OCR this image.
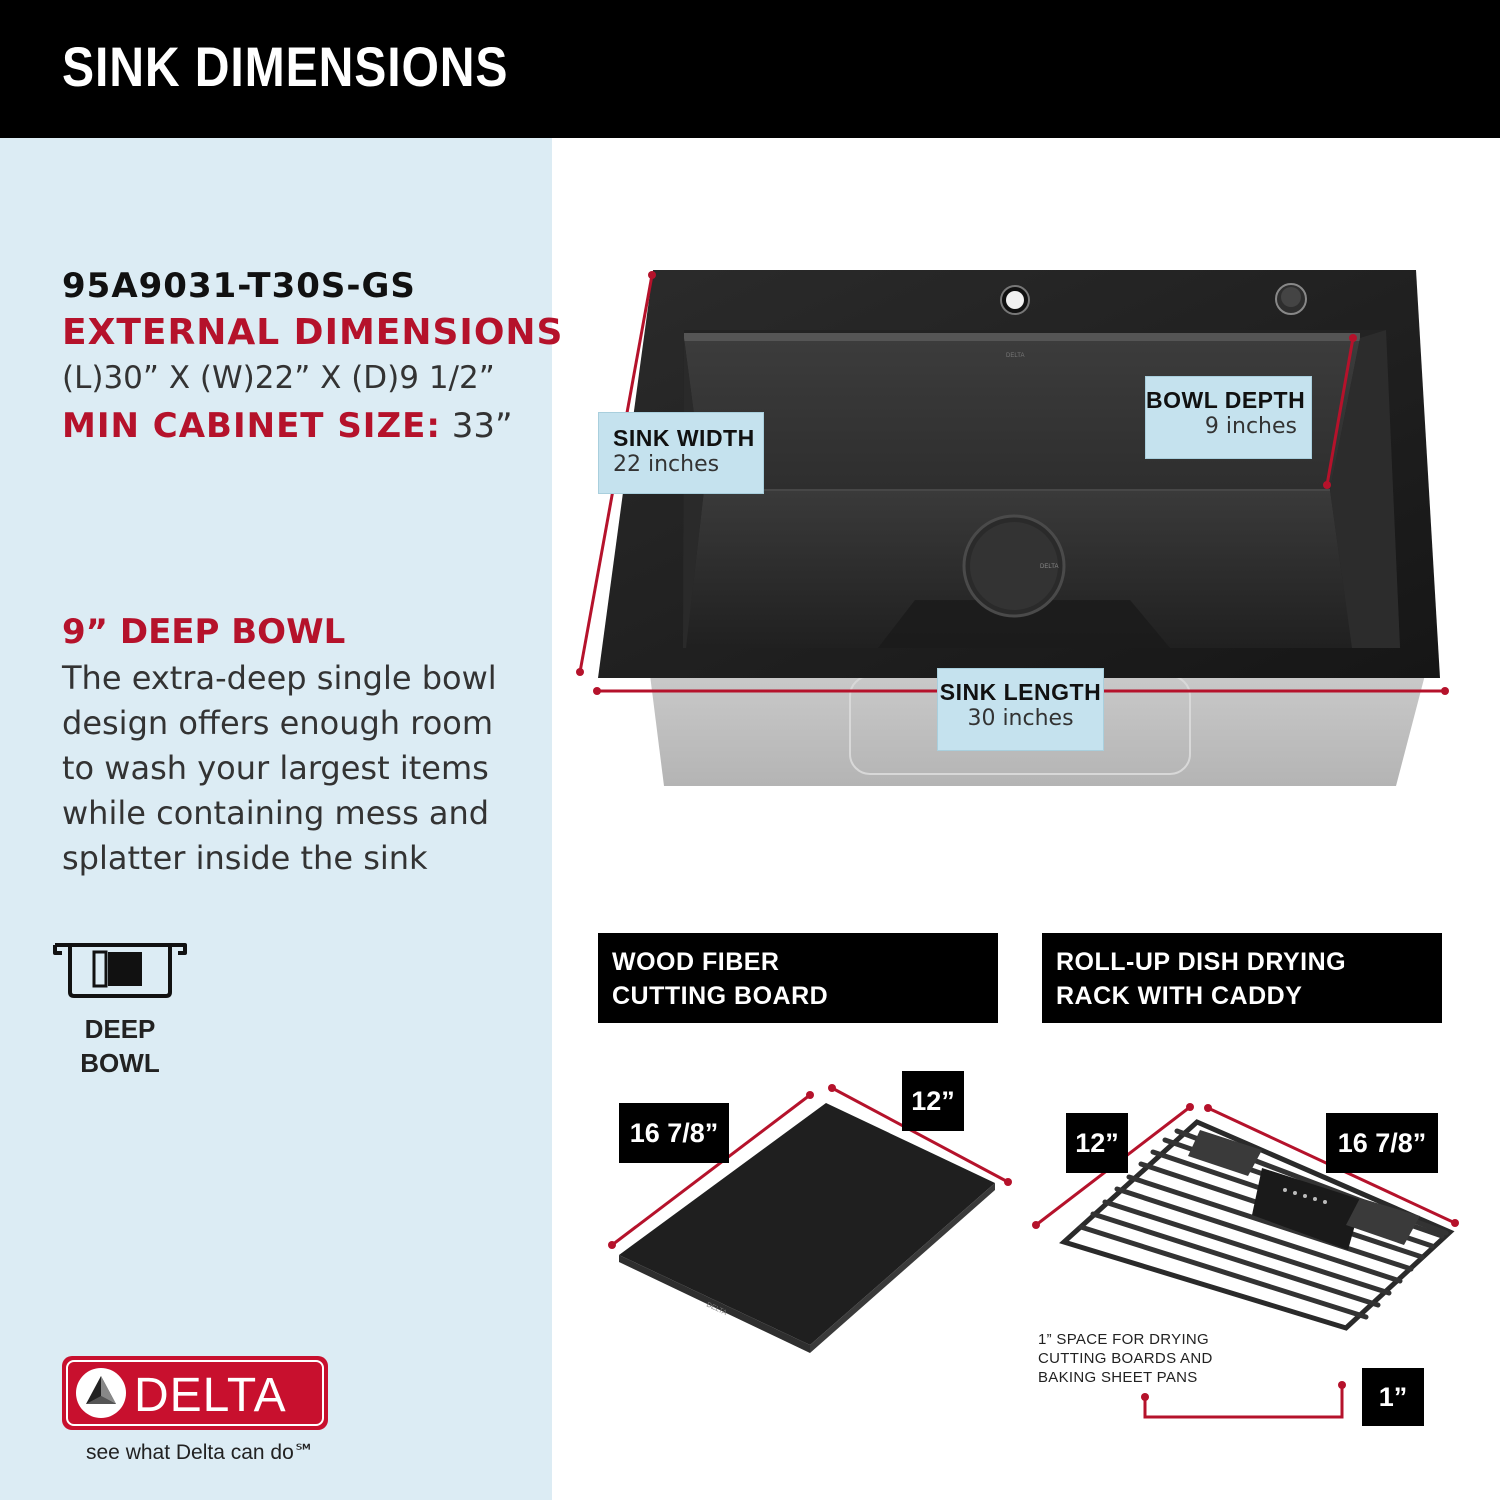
SINK DIMENSIONS
95A9031-T30S-GS
EXTERNAL DIMENSIONS
(L)30” X (W)22” X (D)9 1/2”
MIN CABINET SIZE: 33”
9” DEEP BOWL
The extra-deep single bowl design offers enough room to wash your largest items while containing mess and splatter inside the sink
DEEP
BOWL
DELTA
see what Delta can do℠
DELTA
DELTA
SINK WIDTH
22 inches
BOWL DEPTH
9 inches
SINK LENGTH
30 inches
WOOD FIBER
CUTTING BOARD
ROLL-UP DISH DRYING
RACK WITH CADDY
DELTA
16 7/8”
12”
12”	16 7/8”
1”
1” SPACE FOR DRYING
CUTTING BOARDS AND
BAKING SHEET PANS
